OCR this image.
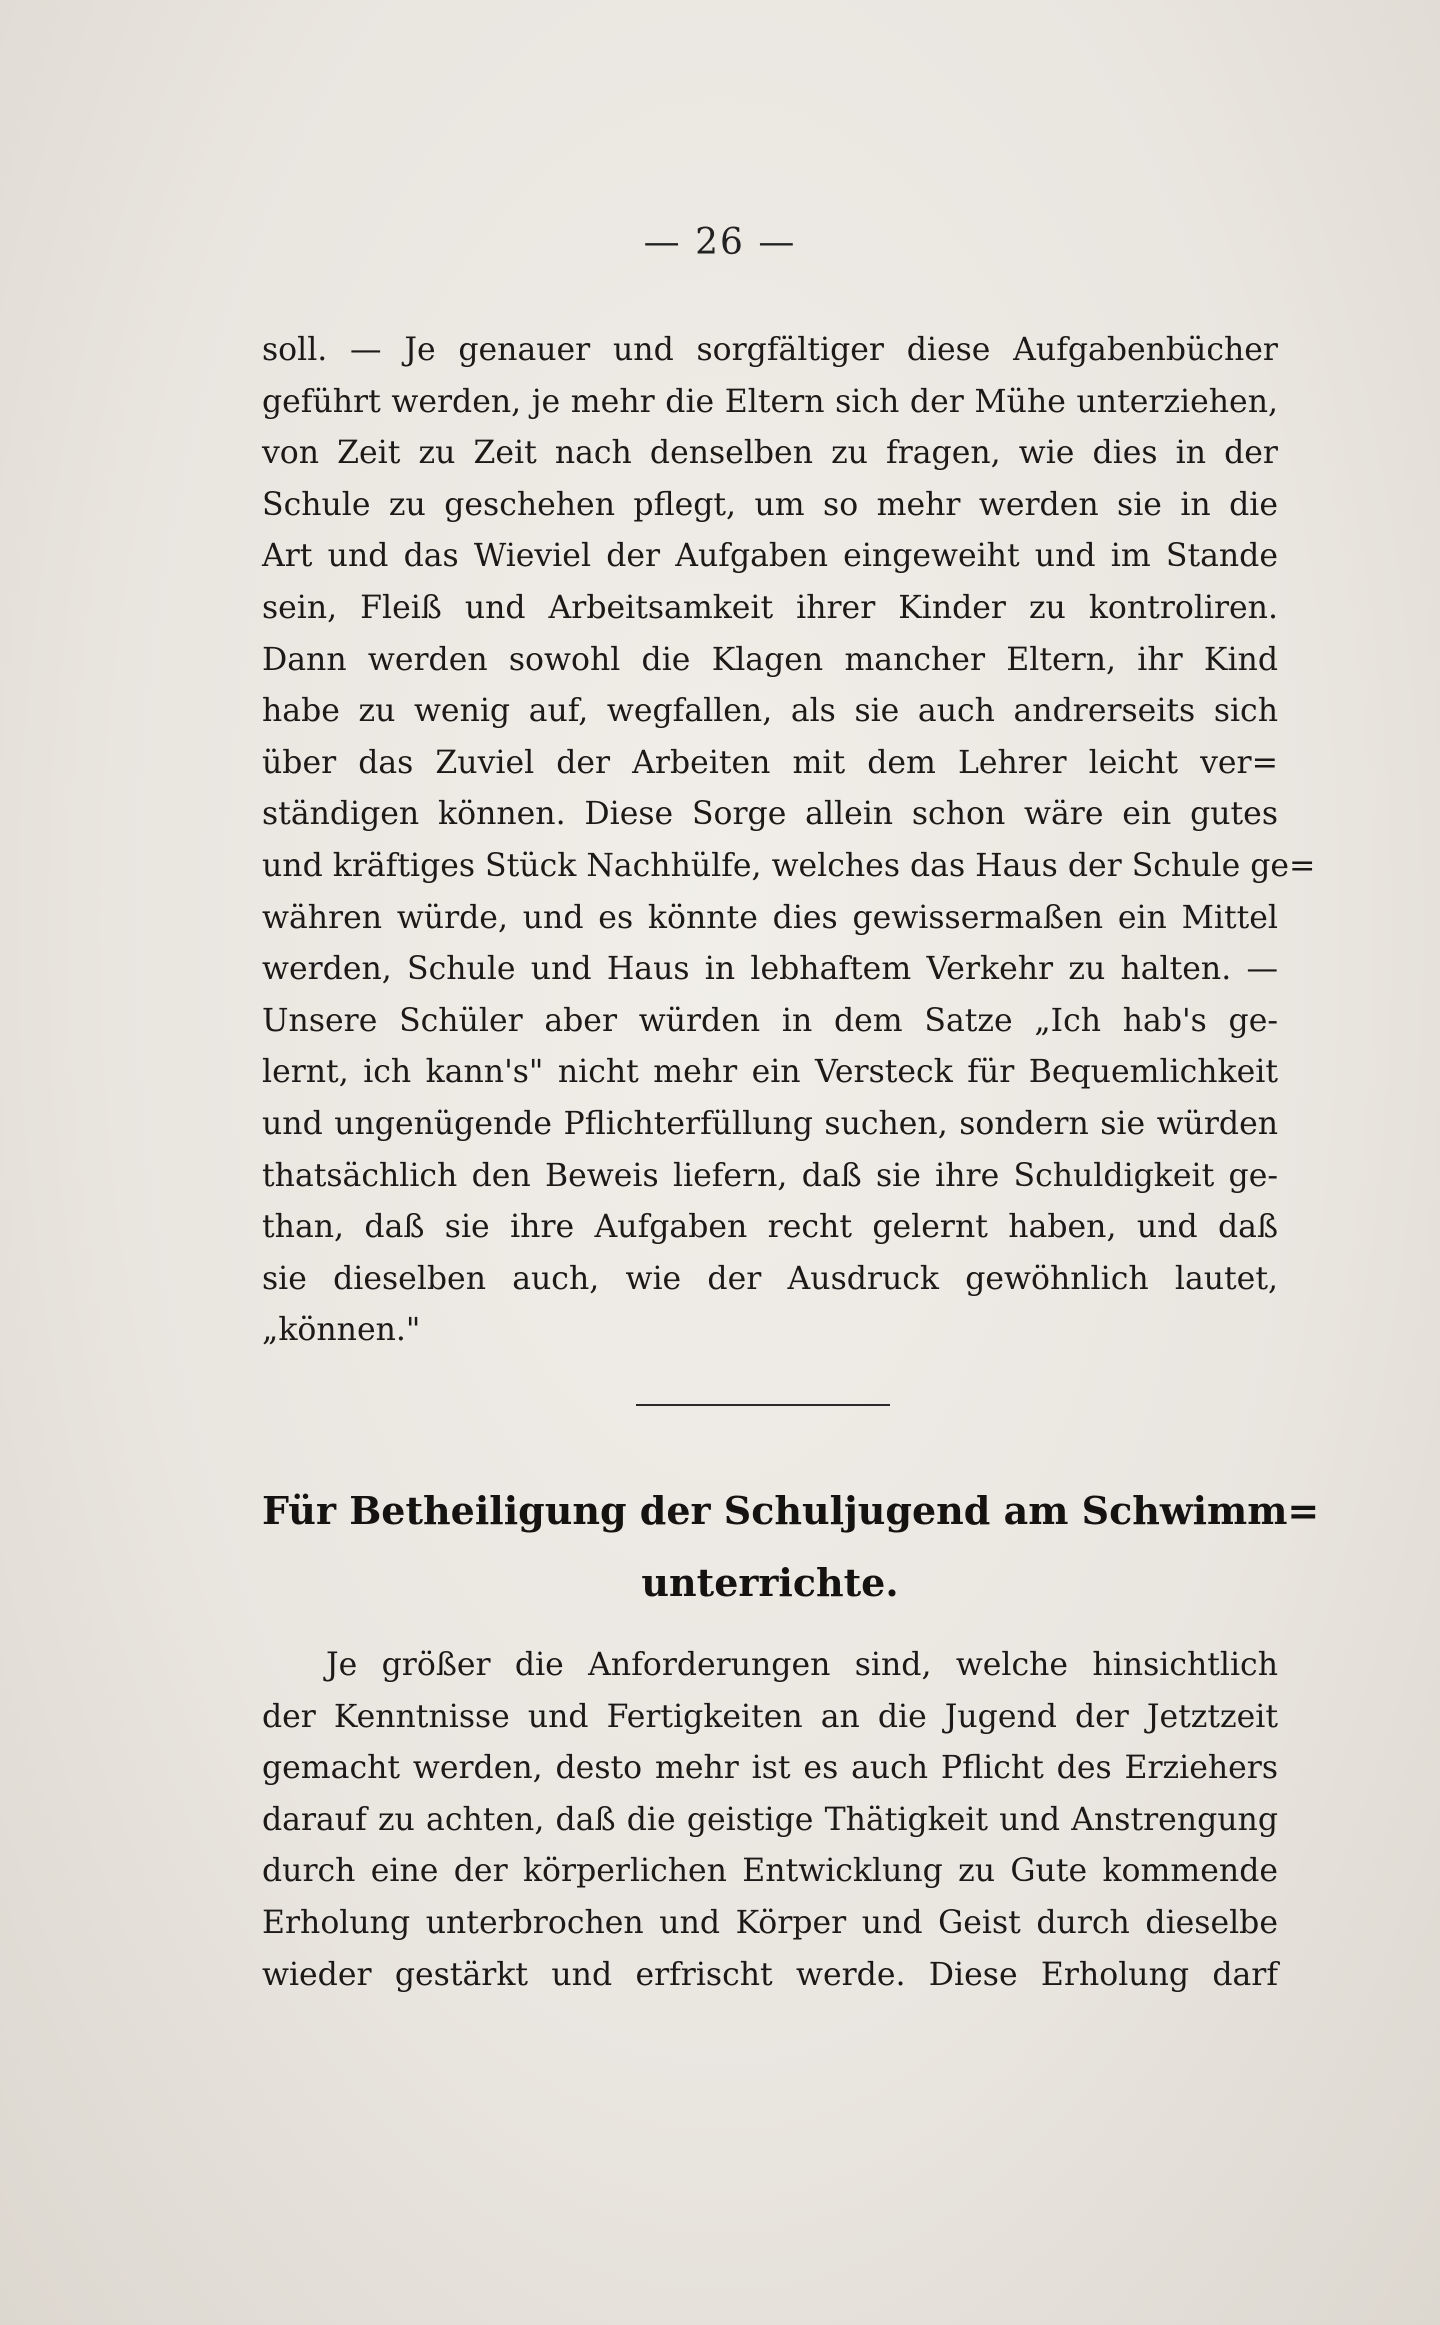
— 26 —
soll. — Je genauer und sorgfältiger diese Aufgabenbücher
geführt werden, je mehr die Eltern sich der Mühe unterziehen,
von Zeit zu Zeit nach denselben zu fragen, wie dies in der
Schule zu geschehen pflegt, um so mehr werden sie in die
Art und das Wieviel der Aufgaben eingeweiht und im Stande
sein, Fleiß und Arbeitsamkeit ihrer Kinder zu kontroliren.
Dann werden sowohl die Klagen mancher Eltern, ihr Kind
habe zu wenig auf, wegfallen, als sie auch andrerseits sich
über das Zuviel der Arbeiten mit dem Lehrer leicht ver=
ständigen können. Diese Sorge allein schon wäre ein gutes
und kräftiges Stück Nachhülfe, welches das Haus der Schule ge=
währen würde, und es könnte dies gewissermaßen ein Mittel
werden, Schule und Haus in lebhaftem Verkehr zu halten. —
Unsere Schüler aber würden in dem Satze „Ich hab's ge-
lernt, ich kann's" nicht mehr ein Versteck für Bequemlichkeit
und ungenügende Pflichterfüllung suchen, sondern sie würden
thatsächlich den Beweis liefern, daß sie ihre Schuldigkeit ge-
than, daß sie ihre Aufgaben recht gelernt haben, und daß
sie dieselben auch, wie der Ausdruck gewöhnlich lautet,
„können."
Für Betheiligung der Schuljugend am Schwimm=
unterrichte.
Je größer die Anforderungen sind, welche hinsichtlich
der Kenntnisse und Fertigkeiten an die Jugend der Jetztzeit
gemacht werden, desto mehr ist es auch Pflicht des Erziehers
darauf zu achten, daß die geistige Thätigkeit und Anstrengung
durch eine der körperlichen Entwicklung zu Gute kommende
Erholung unterbrochen und Körper und Geist durch dieselbe
wieder gestärkt und erfrischt werde. Diese Erholung darf
